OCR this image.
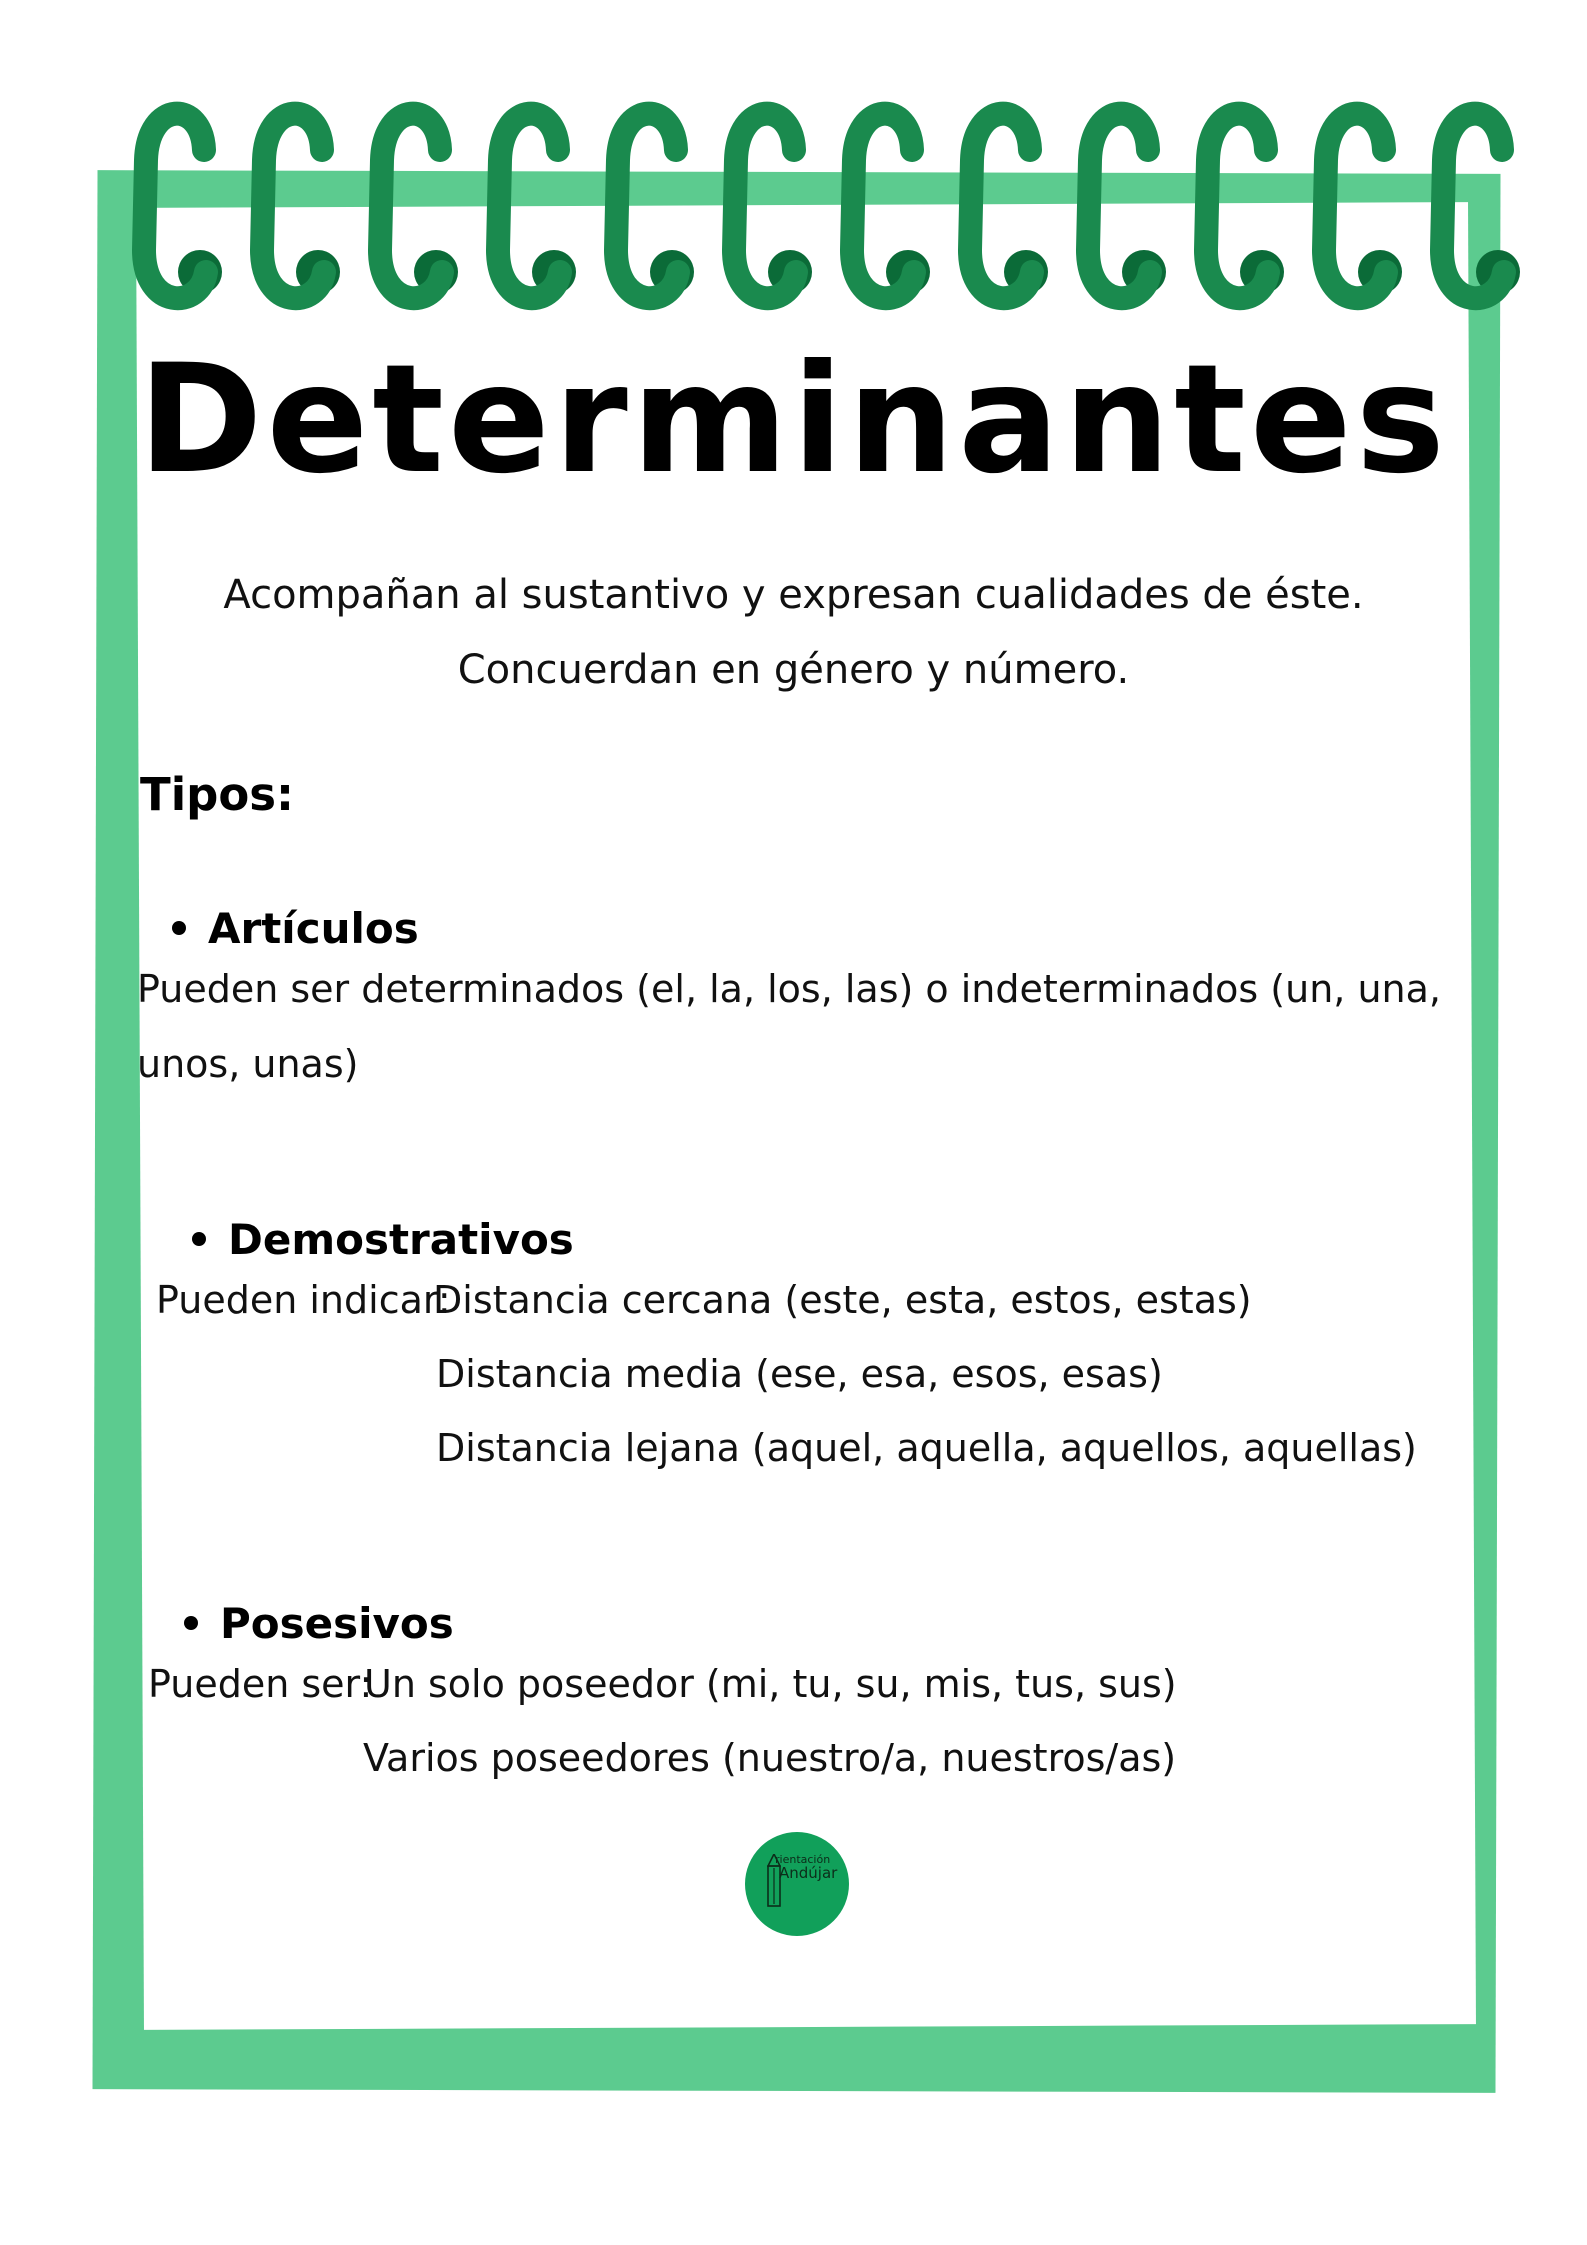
Determinantes
Acompañan al sustantivo y expresan cualidades de éste.
Concuerdan en género y número.
Tipos:
Artículos
Pueden ser determinados (el, la, los, las) o indeterminados (un, una,
unos, unas)
Demostrativos
Pueden indicar:
Distancia cercana (este, esta, estos, estas)
Distancia media (ese, esa, esos, esas)
Distancia lejana (aquel, aquella, aquellos, aquellas)
Posesivos
Pueden ser:
Un solo poseedor (mi, tu, su, mis, tus, sus)
Varios poseedores (nuestro/a, nuestros/as)
rientación
Andújar
